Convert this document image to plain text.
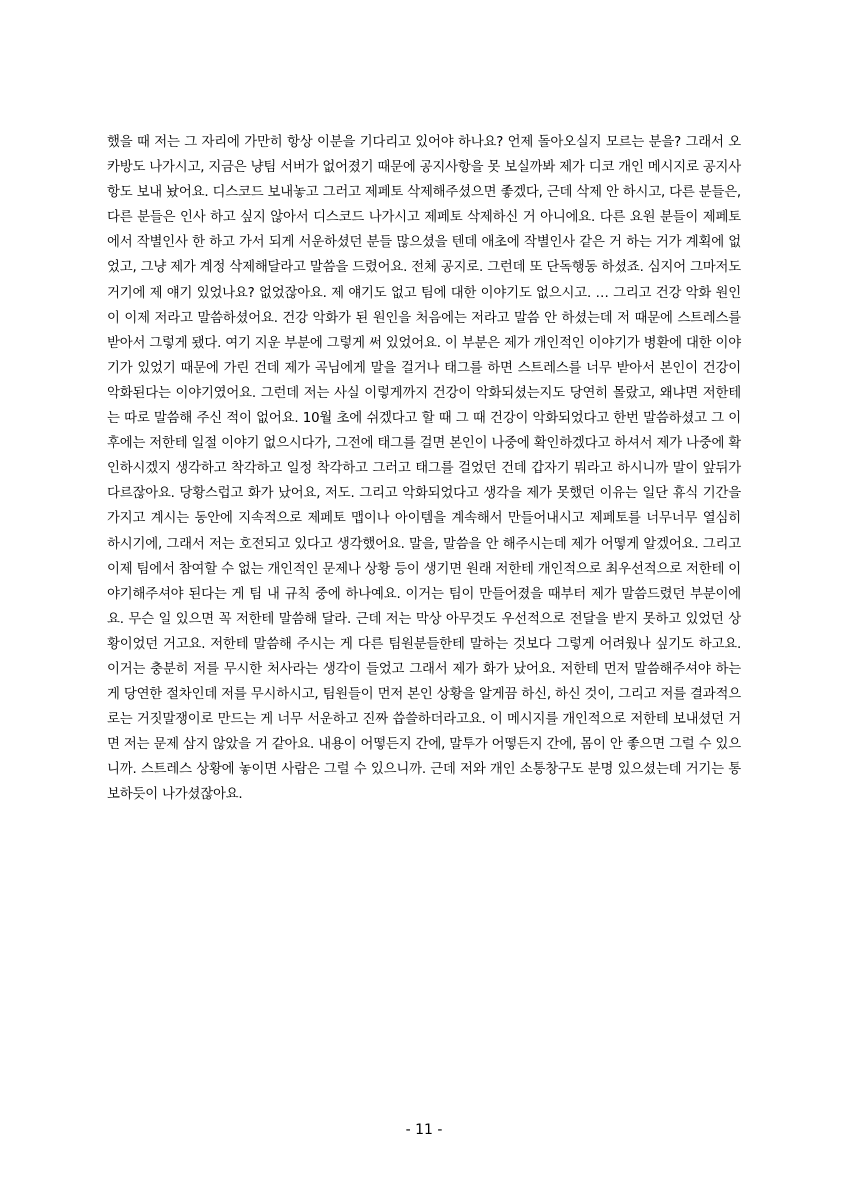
했을 때 저는 그 자리에 가만히 항상 이분을 기다리고 있어야 하나요? 언제 돌아오실지 모르는 분을? 그래서 오카방도 나가시고, 지금은 냥팀 서버가 없어졌기 때문에 공지사항을 못 보실까봐 제가 디코 개인 메시지로 공지사항도 보내 놨어요. 디스코드 보내놓고 그러고 제페토 삭제해주셨으면 좋겠다, 근데 삭제 안 하시고, 다른 분들은, 다른 분들은 인사 하고 싶지 않아서 디스코드 나가시고 제페토 삭제하신 거 아니에요. 다른 요원 분들이 제페토에서 작별인사 한 하고 가서 되게 서운하셨던 분들 많으셨을 텐데 애초에 작별인사 같은 거 하는 거가 계획에 없었고, 그냥 제가 계정 삭제해달라고 말씀을 드렸어요. 전체 공지로. 그런데 또 단독행동 하셨죠. 심지어 그마저도 거기에 제 얘기 있었나요? 없었잖아요. 제 얘기도 없고 팀에 대한 이야기도 없으시고. … 그리고 건강 악화 원인이 이제 저라고 말씀하셨어요. 건강 악화가 된 원인을 처음에는 저라고 말씀 안 하셨는데 저 때문에 스트레스를 받아서 그렇게 됐다. 여기 지운 부분에 그렇게 써 있었어요. 이 부분은 제가 개인적인 이야기가 병환에 대한 이야기가 있었기 때문에 가린 건데 제가 곡님에게 말을 걸거나 태그를 하면 스트레스를 너무 받아서 본인이 건강이 악화된다는 이야기였어요. 그런데 저는 사실 이렇게까지 건강이 악화되셨는지도 당연히 몰랐고, 왜냐면 저한테는 따로 말씀해 주신 적이 없어요. 10월 초에 쉬겠다고 할 때 그 때 건강이 악화되었다고 한번 말씀하셨고 그 이후에는 저한테 일절 이야기 없으시다가, 그전에 태그를 걸면 본인이 나중에 확인하겠다고 하셔서 제가 나중에 확인하시겠지 생각하고 착각하고 일정 착각하고 그러고 태그를 걸었던 건데 갑자기 뭐라고 하시니까 말이 앞뒤가 다르잖아요. 당황스럽고 화가 났어요, 저도. 그리고 악화되었다고 생각을 제가 못했던 이유는 일단 휴식 기간을 가지고 계시는 동안에 지속적으로 제페토 맵이나 아이템을 계속해서 만들어내시고 제페토를 너무너무 열심히 하시기에, 그래서 저는 호전되고 있다고 생각했어요. 말을, 말씀을 안 해주시는데 제가 어떻게 알겠어요. 그리고 이제 팀에서 참여할 수 없는 개인적인 문제나 상황 등이 생기면 원래 저한테 개인적으로 최우선적으로 저한테 이야기해주셔야 된다는 게 팀 내 규칙 중에 하나예요. 이거는 팀이 만들어졌을 때부터 제가 말씀드렸던 부분이에요. 무슨 일 있으면 꼭 저한테 말씀해 달라. 근데 저는 막상 아무것도 우선적으로 전달을 받지 못하고 있었던 상황이었던 거고요. 저한테 말씀해 주시는 게 다른 팀원분들한테 말하는 것보다 그렇게 어려웠나 싶기도 하고요. 이거는 충분히 저를 무시한 처사라는 생각이 들었고 그래서 제가 화가 났어요. 저한테 먼저 말씀해주셔야 하는 게 당연한 절차인데 저를 무시하시고, 팀원들이 먼저 본인 상황을 알게끔 하신, 하신 것이, 그리고 저를 결과적으로는 거짓말쟁이로 만드는 게 너무 서운하고 진짜 씁쓸하더라고요. 이 메시지를 개인적으로 저한테 보내셨던 거면 저는 문제 삼지 않았을 거 같아요. 내용이 어떻든지 간에, 말투가 어떻든지 간에, 몸이 안 좋으면 그럴 수 있으니까. 스트레스 상황에 놓이면 사람은 그럴 수 있으니까. 근데 저와 개인 소통창구도 분명 있으셨는데 거기는 통보하듯이 나가셨잖아요.

- 11 -
